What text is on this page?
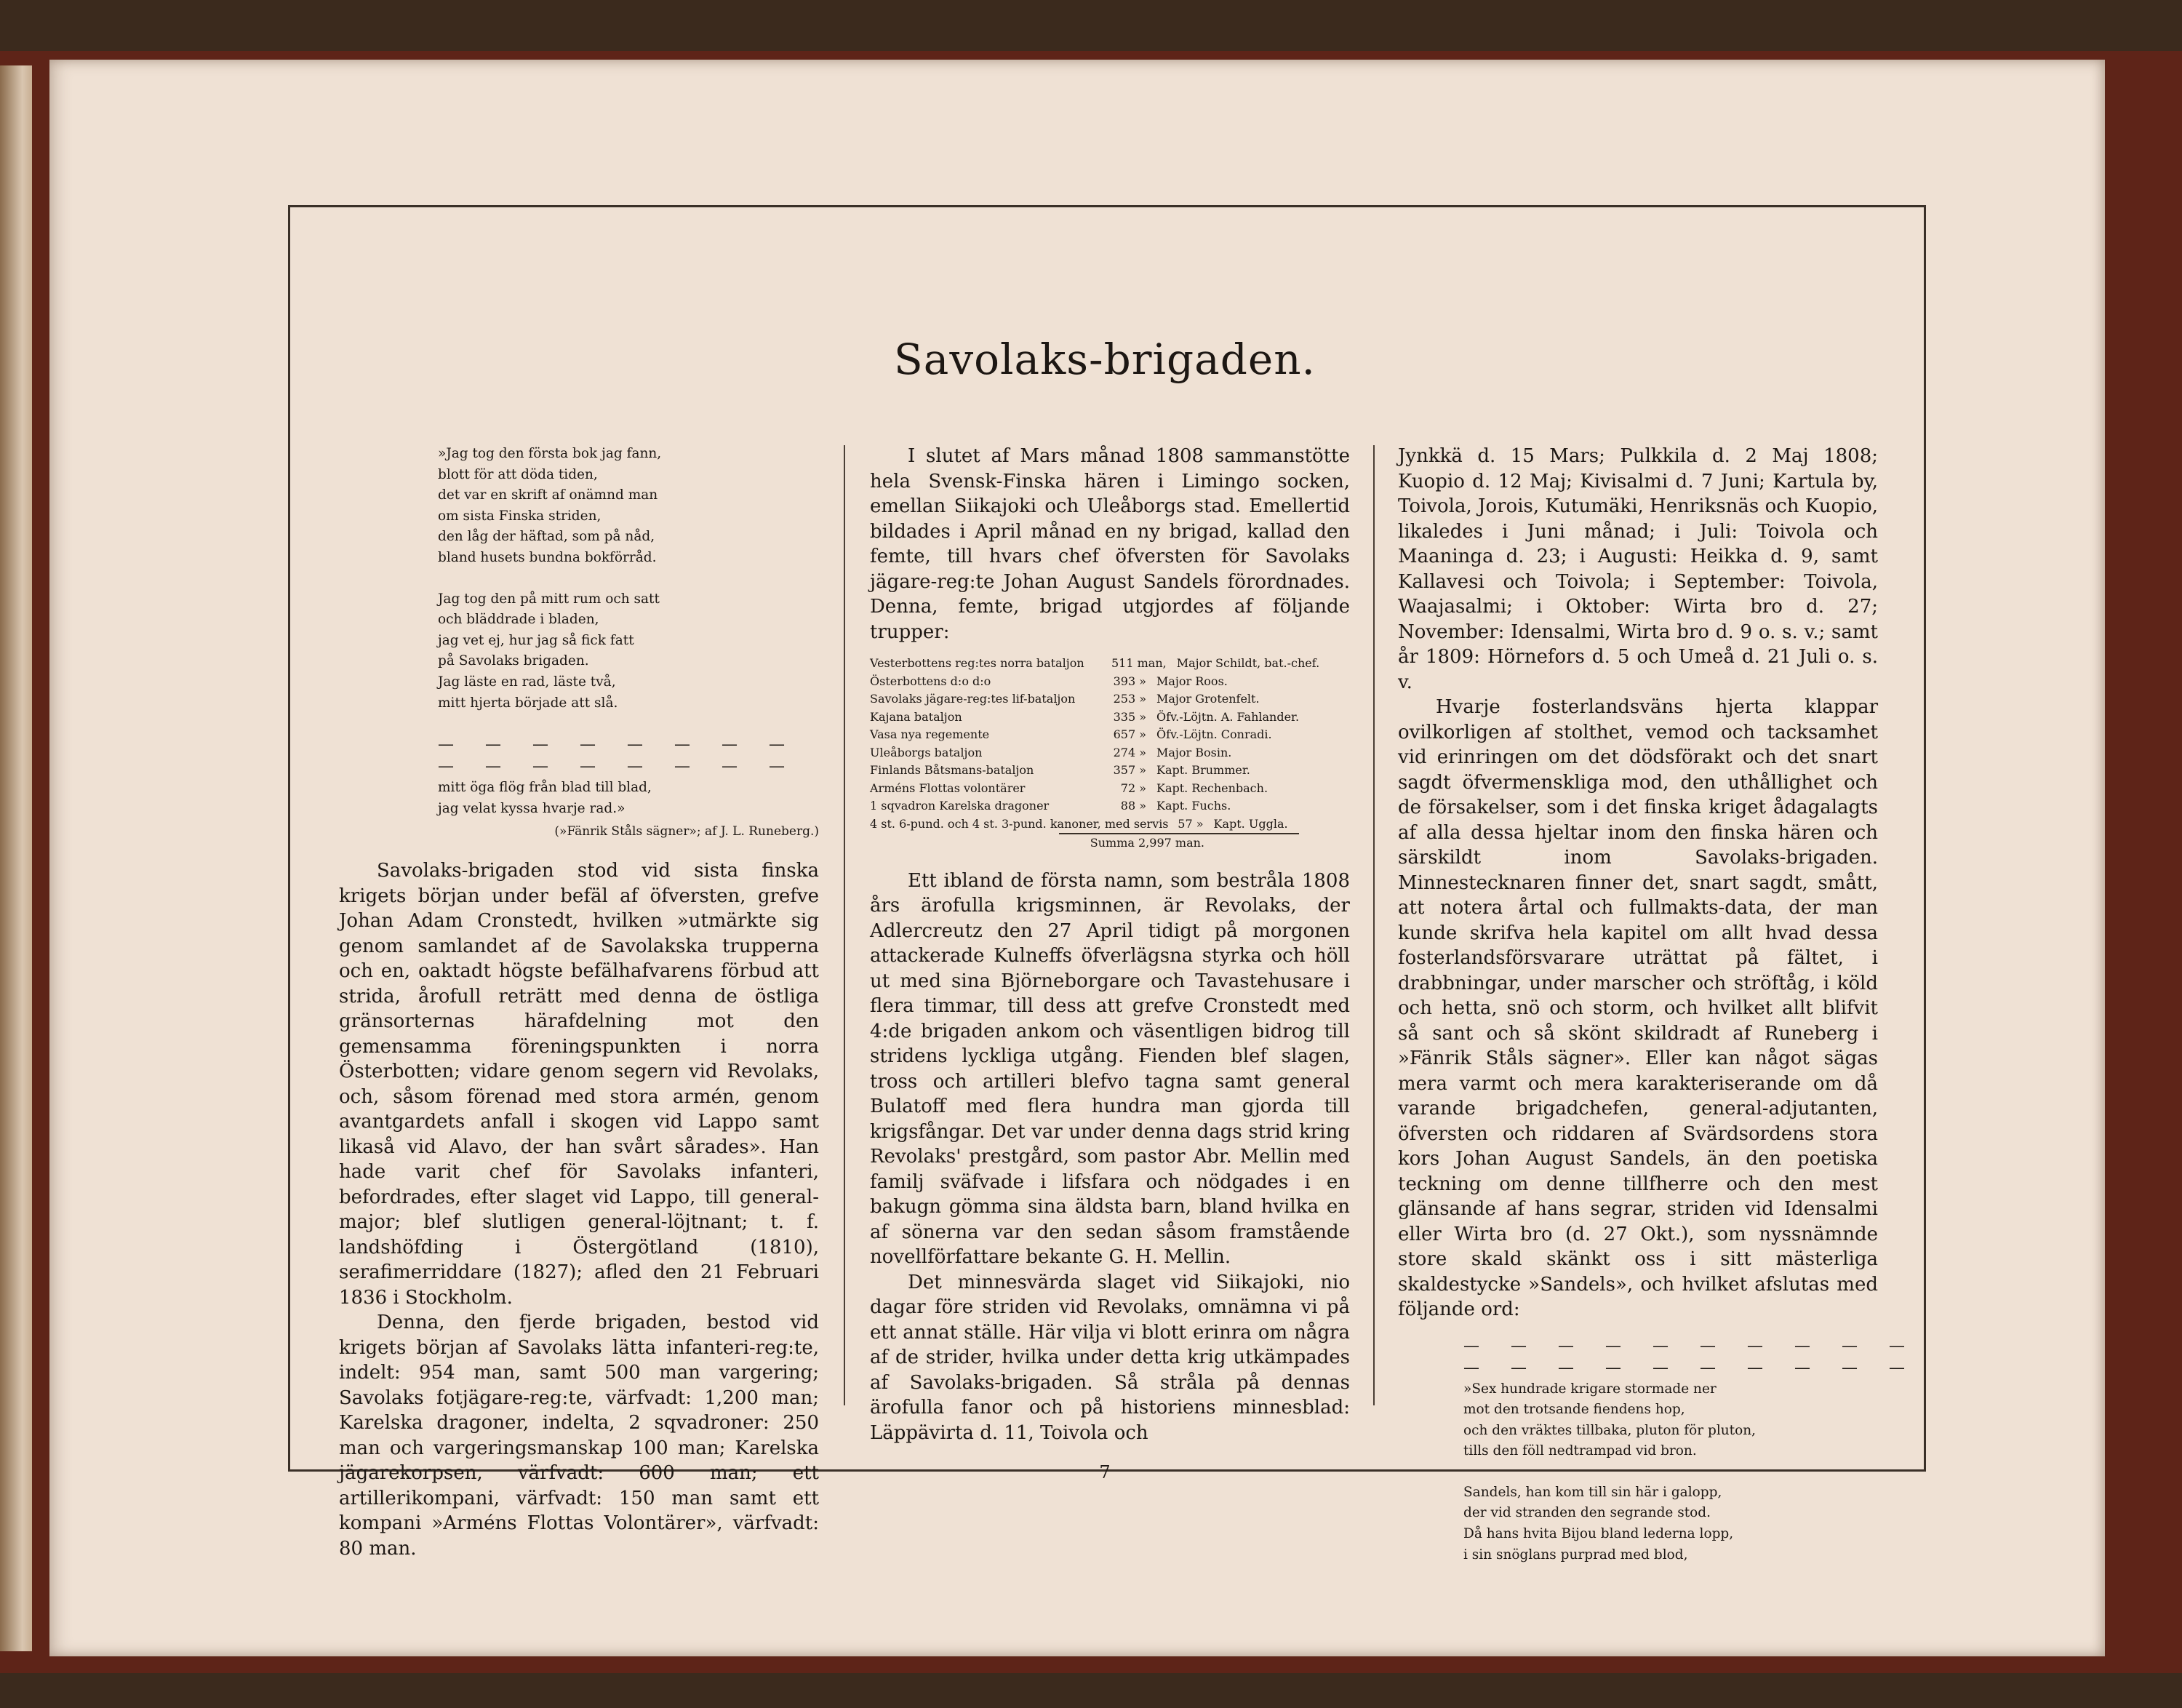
Savolaks-brigaden.
»Jag tog den första bok jag fann,
blott för att döda tiden,
det var en skrift af onämnd man
om sista Finska striden,
den låg der häftad, som på nåd,
bland husets bundna bokförråd.
Jag tog den på mitt rum och satt
och bläddrade i bladen,
jag vet ej, hur jag så fick fatt
på Savolaks brigaden.
Jag läste en rad, läste två,
mitt hjerta började att slå.
— — — — — — — —
— — — — — — — —
mitt öga flög från blad till blad,
jag velat kyssa hvarje rad.»
(»Fänrik Ståls sägner»; af J. L. Runeberg.)

Savolaks-brigaden stod vid sista finska krigets början under befäl af öfversten, grefve Johan Adam Cronstedt, hvilken »utmärkte sig genom samlandet af de Savolakska trupperna och en, oaktadt högste befälhafvarens förbud att strida, årofull reträtt med denna de östliga gränsorternas härafdelning mot den gemensamma föreningspunkten i norra Österbotten; vidare genom segern vid Revolaks, och, såsom förenad med stora armén, genom avantgardets anfall i skogen vid Lappo samt likaså vid Alavo, der han svårt sårades». Han hade varit chef för Savolaks infanteri, befordrades, efter slaget vid Lappo, till general-major; blef slutligen general-löjtnant; t. f. landshöfding i Östergötland (1810), serafimerriddare (1827); afled den 21 Februari 1836 i Stockholm.

Denna, den fjerde brigaden, bestod vid krigets början af Savolaks lätta infanteri-reg:te, indelt: 954 man, samt 500 man vargering; Savolaks fotjägare-reg:te, värfvadt: 1,200 man; Karelska dragoner, indelta, 2 sqvadroner: 250 man och vargeringsmanskap 100 man; Karelska jägarekorpsen, värfvadt: 600 man; ett artillerikompani, värfvadt: 150 man samt ett kompani »Arméns Flottas Volontärer», värfvadt: 80 man.

I slutet af Mars månad 1808 sammanstötte hela Svensk-Finska hären i Limingo socken, emellan Siikajoki och Uleåborgs stad. Emellertid bildades i April månad en ny brigad, kallad den femte, till hvars chef öfversten för Savolaks jägare-reg:te Johan August Sandels förordnades. Denna, femte, brigad utgjordes af följande trupper:

Vesterbottens reg:tes norra bataljon	511 man, Major Schildt, bat.-chef.
Österbottens d:o d:o	393 » Major Roos.
Savolaks jägare-reg:tes lif-bataljon	253 » Major Grotenfelt.
Kajana bataljon	335 » Öfv.-Löjtn. A. Fahlander.
Vasa nya regemente	657 » Öfv.-Löjtn. Conradi.
Uleåborgs bataljon	274 » Major Bosin.
Finlands Båtsmans-bataljon	357 » Kapt. Brummer.
Arméns Flottas volontärer	72 » Kapt. Rechenbach.
1 sqvadron Karelska dragoner	88 » Kapt. Fuchs.
4 st. 6-pund. och 4 st. 3-pund. kanoner, med servis 57 » Kapt. Uggla.
Summa 2,997 man.

Ett ibland de första namn, som bestråla 1808 års ärofulla krigsminnen, är Revolaks, der Adlercreutz den 27 April tidigt på morgonen attackerade Kulneffs öfverlägsna styrka och höll ut med sina Björneborgare och Tavastehusare i flera timmar, till dess att grefve Cronstedt med 4:de brigaden ankom och väsentligen bidrog till stridens lyckliga utgång. Fienden blef slagen, tross och artilleri blefvo tagna samt general Bulatoff med flera hundra man gjorda till krigsfångar. Det var under denna dags strid kring Revolaks' prestgård, som pastor Abr. Mellin med familj sväfvade i lifsfara och nödgades i en bakugn gömma sina äldsta barn, bland hvilka en af sönerna var den sedan såsom framstående novellförfattare bekante G. H. Mellin.

Det minnesvärda slaget vid Siikajoki, nio dagar före striden vid Revolaks, omnämna vi på ett annat ställe. Här vilja vi blott erinra om några af de strider, hvilka under detta krig utkämpades af Savolaks-brigaden. Så stråla på dennas ärofulla fanor och på historiens minnesblad: Läppävirta d. 11, Toivola och

Jynkkä d. 15 Mars; Pulkkila d. 2 Maj 1808; Kuopio d. 12 Maj; Kivisalmi d. 7 Juni; Kartula by, Toivola, Jorois, Kutumäki, Henriksnäs och Kuopio, likaledes i Juni månad; i Juli: Toivola och Maaninga d. 23; i Augusti: Heikka d. 9, samt Kallavesi och Toivola; i September: Toivola, Waajasalmi; i Oktober: Wirta bro d. 27; November: Idensalmi, Wirta bro d. 9 o. s. v.; samt år 1809: Hörnefors d. 5 och Umeå d. 21 Juli o. s. v.

Hvarje fosterlandsväns hjerta klappar ovilkorligen af stolthet, vemod och tacksamhet vid erinringen om det dödsförakt och det snart sagdt öfvermenskliga mod, den uthållighet och de försakelser, som i det finska kriget ådagalagts af alla dessa hjeltar inom den finska hären och särskildt inom Savolaks-brigaden. Minnestecknaren finner det, snart sagdt, smått, att notera årtal och fullmakts-data, der man kunde skrifva hela kapitel om allt hvad dessa fosterlandsförsvarare uträttat på fältet, i drabbningar, under marscher och ströftåg, i köld och hetta, snö och storm, och hvilket allt blifvit så sant och så skönt skildradt af Runeberg i »Fänrik Ståls sägner». Eller kan något sägas mera varmt och mera karakteriserande om då varande brigadchefen, general-adjutanten, öfversten och riddaren af Svärdsordens stora kors Johan August Sandels, än den poetiska teckning om denne tillfherre och den mest glänsande af hans segrar, striden vid Idensalmi eller Wirta bro (d. 27 Okt.), som nyssnämnde store skald skänkt oss i sitt mästerliga skaldestycke »Sandels», och hvilket afslutas med följande ord:

— — — — — — — — — —
— — — — — — — — — —
»Sex hundrade krigare stormade ner
mot den trotsande fiendens hop,
och den vräktes tillbaka, pluton för pluton,
tills den föll nedtrampad vid bron.
Sandels, han kom till sin här i galopp,
der vid stranden den segrande stod.
Då hans hvita Bijou bland lederna lopp,
i sin snöglans purprad med blod,
7
